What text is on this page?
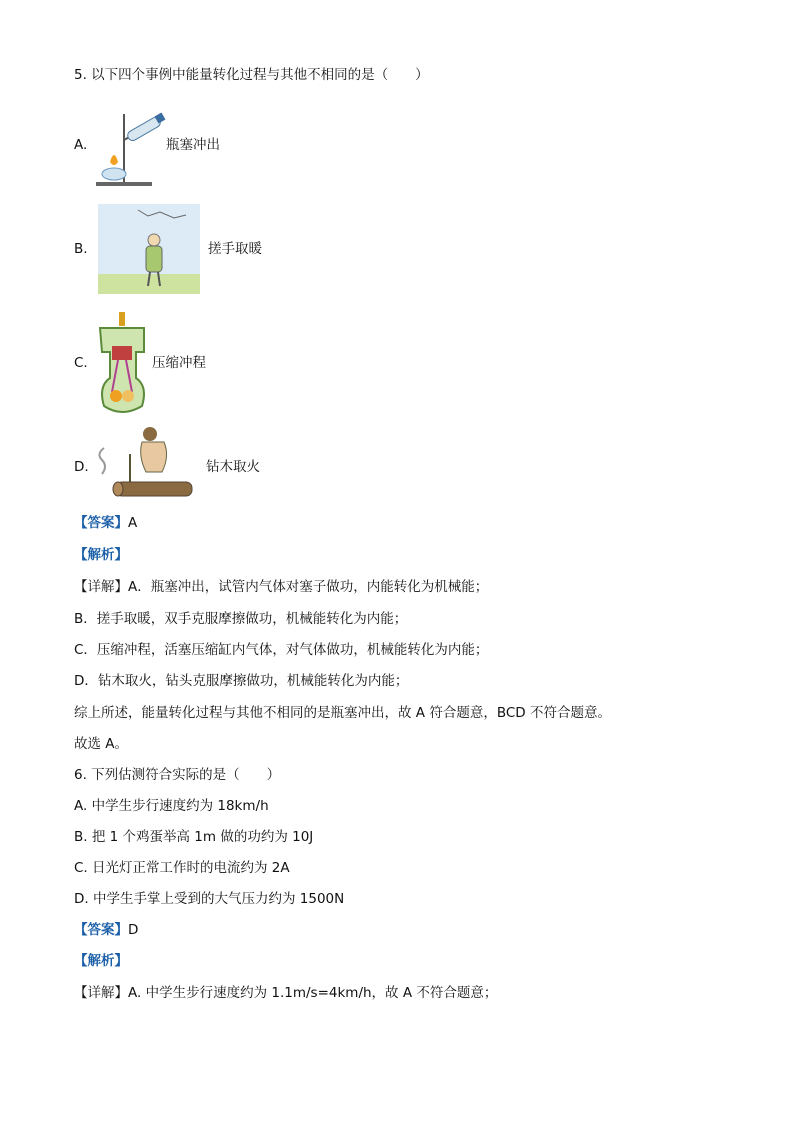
5. 以下四个事例中能量转化过程与其他不相同的是（　　）
A.	瓶塞冲出
B.	搓手取暖
C.	压缩冲程
D.	钻木取火
【答案】A
【解析】
【详解】A．瓶塞冲出，试管内气体对塞子做功，内能转化为机械能；
B．搓手取暖，双手克服摩擦做功，机械能转化为内能；
C．压缩冲程，活塞压缩缸内气体，对气体做功，机械能转化为内能；
D．钻木取火，钻头克服摩擦做功，机械能转化为内能；
综上所述，能量转化过程与其他不相同的是瓶塞冲出，故 A 符合题意，BCD 不符合题意。
故选 A。
6. 下列估测符合实际的是（　　）
A. 中学生步行速度约为 18km/h
B. 把 1 个鸡蛋举高 1m 做的功约为 10J
C. 日光灯正常工作时的电流约为 2A
D. 中学生手掌上受到的大气压力约为 1500N
【答案】D
【解析】
【详解】A. 中学生步行速度约为 1.1m/s=4km/h，故 A 不符合题意；
